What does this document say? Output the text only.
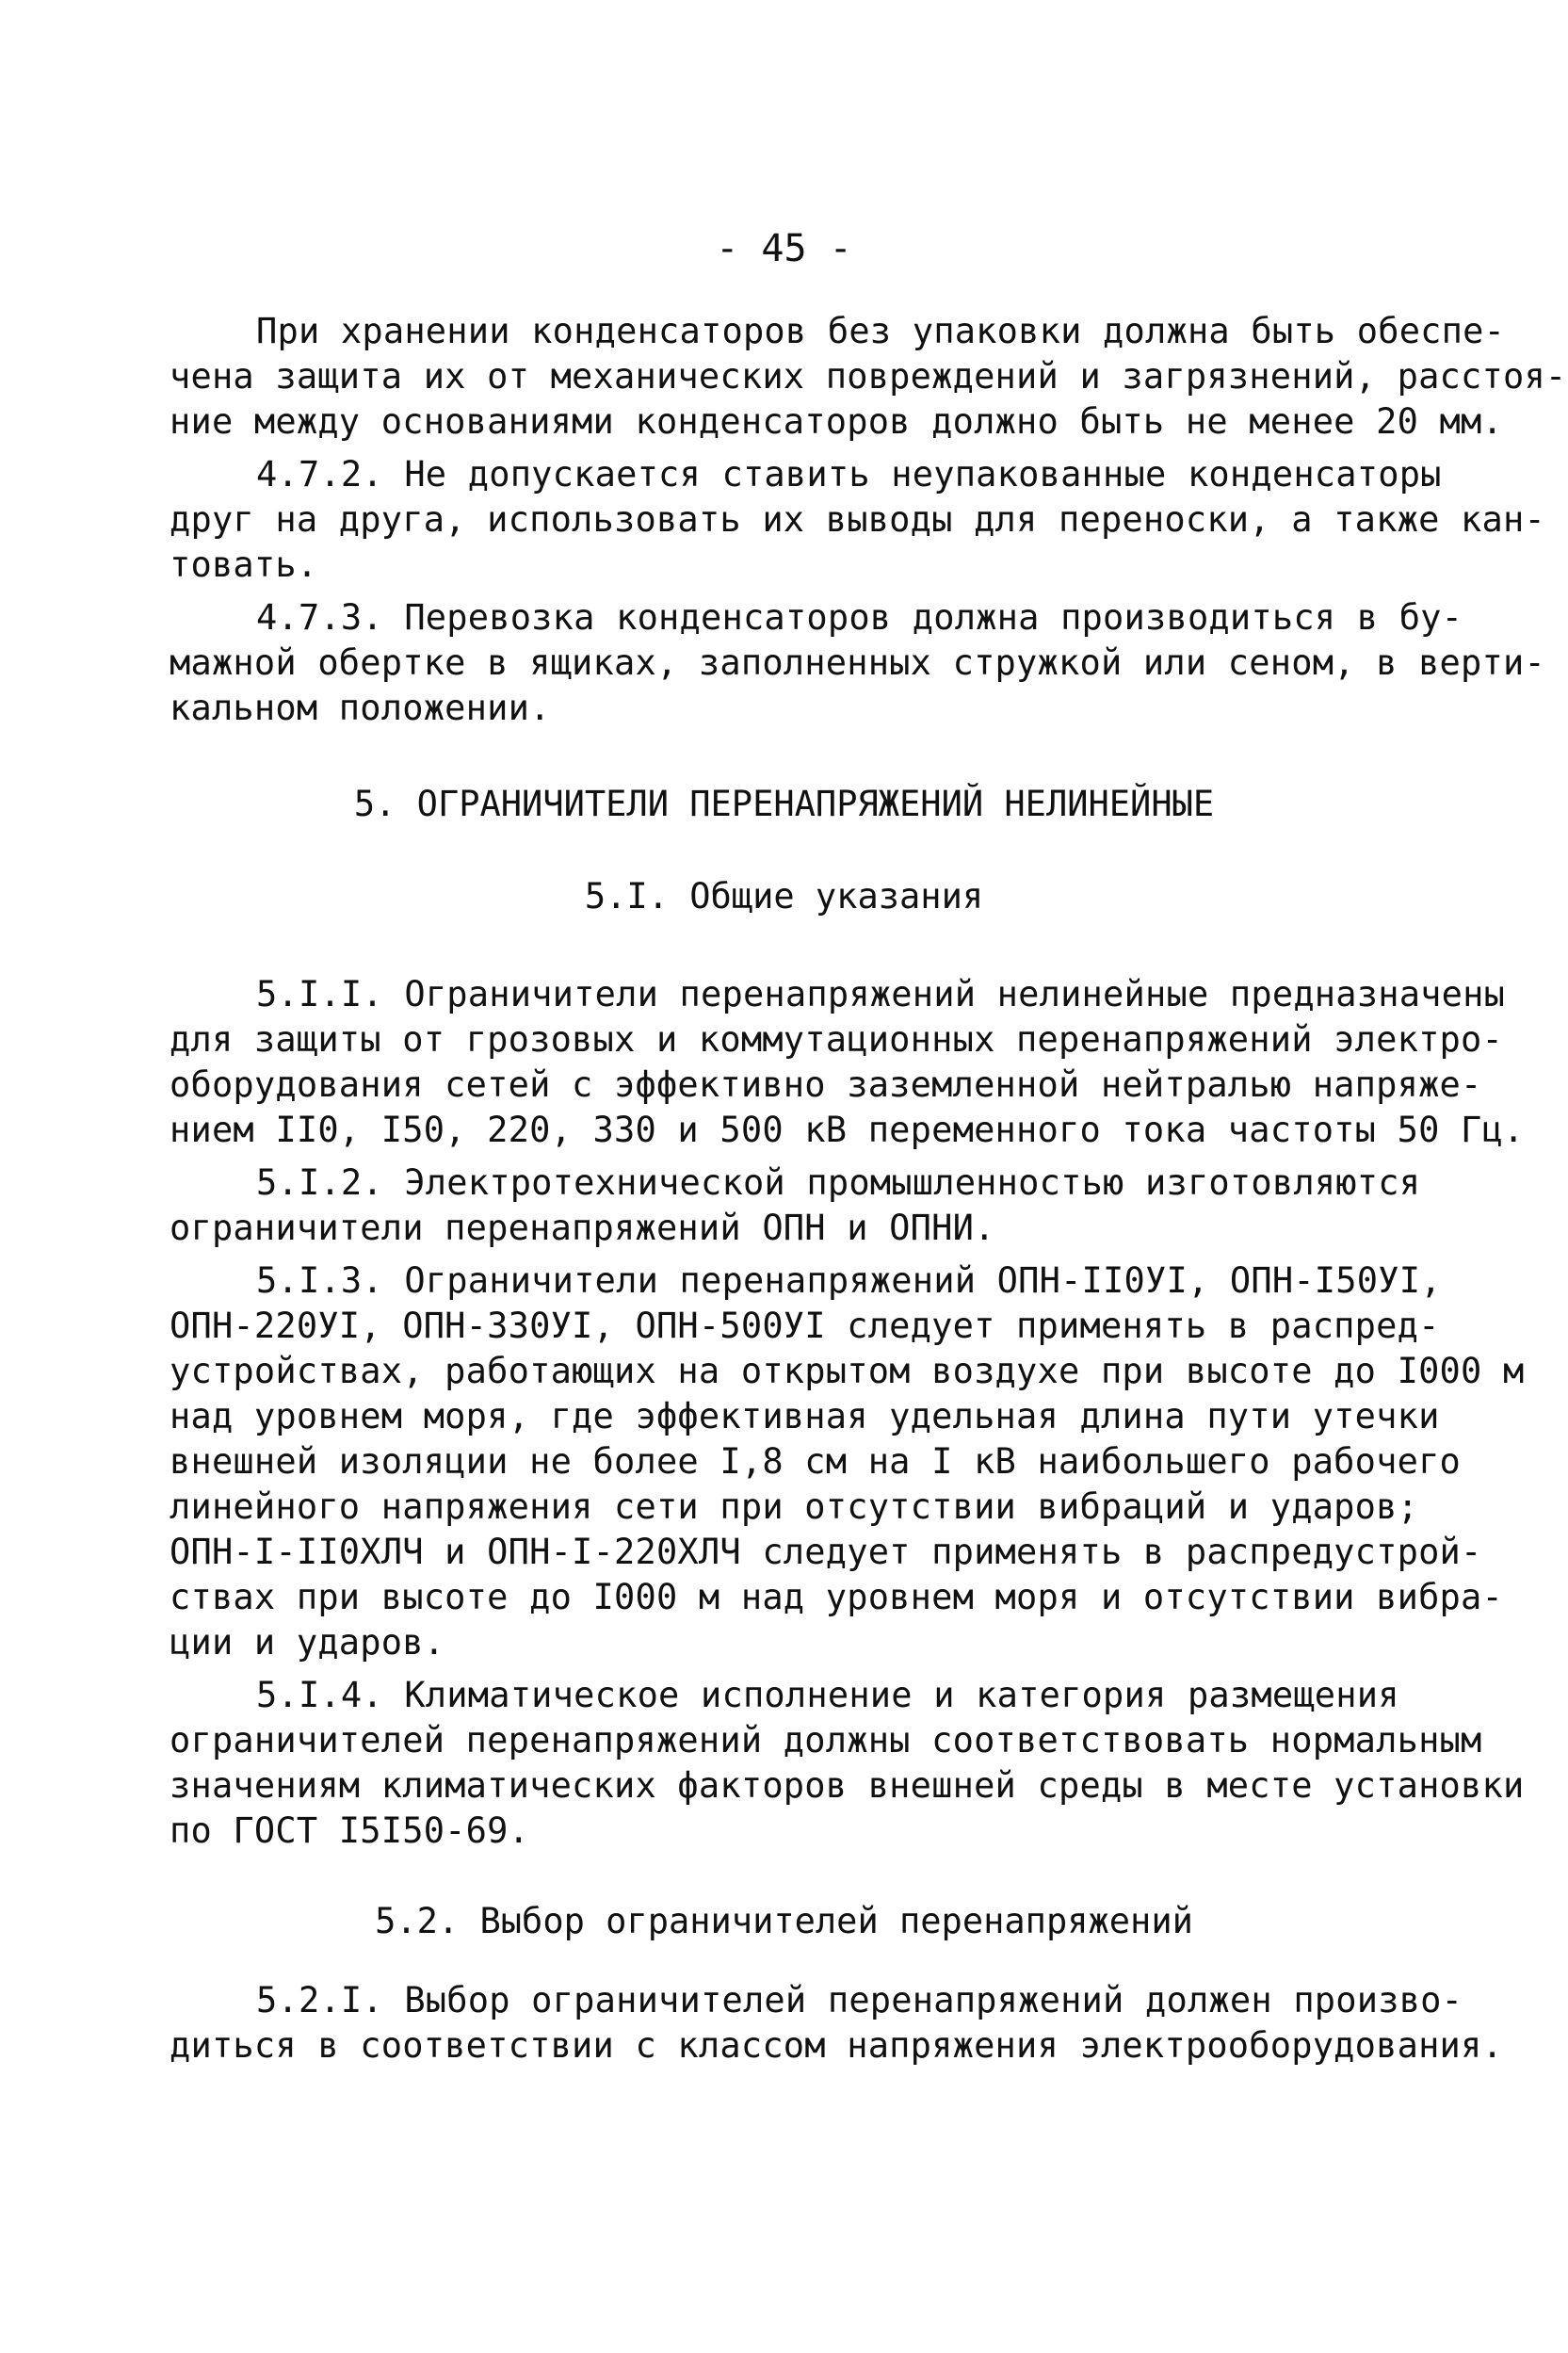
- 45 -
При хранении конденсаторов без упаковки должна быть обеспе-
чена защита их от механических повреждений и загрязнений, расстоя-
ние между основаниями конденсаторов должно быть не менее 20 мм.
4.7.2. Не допускается ставить неупакованные конденсаторы
друг на друга, использовать их выводы для переноски, а также кан-
товать.
4.7.3. Перевозка конденсаторов должна производиться в бу-
мажной обертке в ящиках, заполненных стружкой или сеном, в верти-
кальном положении.
5. ОГРАНИЧИТЕЛИ ПЕРЕНАПРЯЖЕНИЙ НЕЛИНЕЙНЫЕ
5.I. Общие указания
5.I.I. Ограничители перенапряжений нелинейные предназначены
для защиты от грозовых и коммутационных перенапряжений электро-
оборудования сетей с эффективно заземленной нейтралью напряже-
нием II0, I50, 220, 330 и 500 кВ переменного тока частоты 50 Гц.
5.I.2. Электротехнической промышленностью изготовляются
ограничители перенапряжений ОПН и ОПНИ.
5.I.3. Ограничители перенапряжений ОПН-II0УI, ОПН-I50УI,
ОПН-220УI, ОПН-330УI, ОПН-500УI следует применять в распред-
устройствах, работающих на открытом воздухе при высоте до I000 м
над уровнем моря, где эффективная удельная длина пути утечки
внешней изоляции не более I,8 см на I кВ наибольшего рабочего
линейного напряжения сети при отсутствии вибраций и ударов;
ОПН-I-II0ХЛЧ и ОПН-I-220ХЛЧ следует применять в распредустрой-
ствах при высоте до I000 м над уровнем моря и отсутствии вибра-
ции и ударов.
5.I.4. Климатическое исполнение и категория размещения
ограничителей перенапряжений должны соответствовать нормальным
значениям климатических факторов внешней среды в месте установки
по ГОСТ I5I50-69.
5.2. Выбор ограничителей перенапряжений
5.2.I. Выбор ограничителей перенапряжений должен произво-
диться в соответствии с классом напряжения электрооборудования.
